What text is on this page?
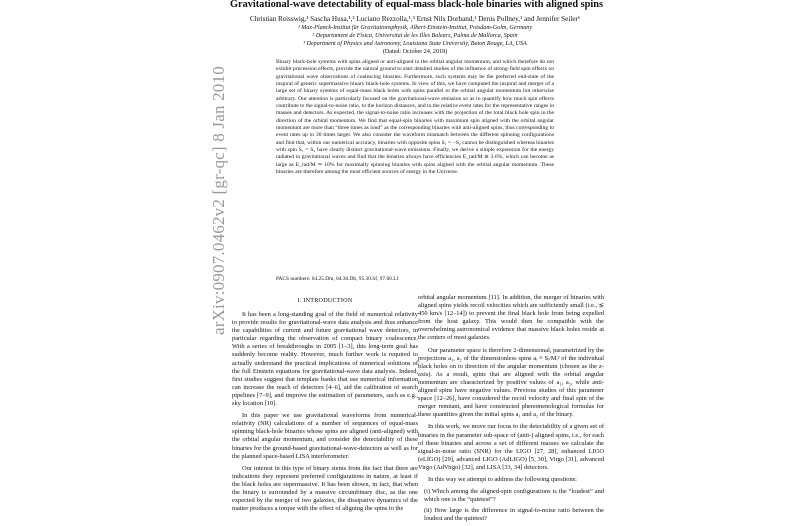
arXiv:0907.0462v2 [gr-qc] 8 Jan 2010
Gravitational-wave detectability of equal-mass black-hole binaries with aligned spins
Christian Reisswig,¹ Sascha Husa,¹,² Luciano Rezzolla,¹,³ Ernst Nils Dorband,¹ Denis Pollney,¹ and Jennifer Seiler¹
¹ Max-Planck-Institut für Gravitationsphysik, Albert-Einstein-Institut, Potsdam-Golm, Germany
² Departament de Física, Universitat de les Illes Balears, Palma de Mallorca, Spain
³ Department of Physics and Astronomy, Louisiana State University, Baton Rouge, LA, USA
(Dated: October 24, 2018)
Binary black-hole systems with spins aligned or anti-aligned to the orbital angular momentum, and which therefore do not exhibit precession effects, provide the natural ground to start detailed studies of the influence of strong-field spin effects on gravitational wave observations of coalescing binaries. Furthermore, such systems may be the preferred end-state of the inspiral of generic supermassive binary black-hole systems. In view of this, we have computed the inspiral and merger of a large set of binary systems of equal-mass black holes with spins parallel to the orbital angular momentum but otherwise arbitrary. Our attention is particularly focused on the gravitational-wave emission so as to quantify how much spin effects contribute to the signal-to-noise ratio, to the horizon distances, and to the relative event rates for the representative ranges in masses and detectors. As expected, the signal-to-noise ratio increases with the projection of the total black hole spin in the direction of the orbital momentum. We find that equal-spin binaries with maximum spin aligned with the orbital angular momentum are more than “three times as loud” as the corresponding binaries with anti-aligned spins, thus corresponding to event rates up to 30 times larger. We also consider the waveform mismatch between the different spinning configurations and find that, within our numerical accuracy, binaries with opposite spins S₁ = −S₂ cannot be distinguished whereas binaries with spin S₁ = S₂ have clearly distinct gravitational-wave emissions. Finally, we derive a simple expression for the energy radiated in gravitational waves and find that the binaries always have efficiencies E_rad/M ≳ 3.6%, which can become as large as E_rad/M ≃ 10% for maximally spinning binaries with spins aligned with the orbital angular momentum. These binaries are therefore among the most efficient sources of energy in the Universe.
PACS numbers: 04.25.Dm, 04.30.Db, 95.30.Sf, 97.60.Lf
I. INTRODUCTION

It has been a long-standing goal of the field of numerical relativity to provide results for gravitational-wave data analysis and thus enhance the capabilities of current and future gravitational wave detectors, in particular regarding the observation of compact binary coalescence. With a series of breakthroughs in 2005 [1–3], this long-term goal has suddenly become reality. However, much further work is required to actually understand the practical implications of numerical solutions of the full Einstein equations for gravitational-wave data analysis. Indeed, first studies suggest that template banks that use numerical information can increase the reach of detectors [4–6], aid the calibration of search pipelines [7–9], and improve the estimation of parameters, such as e.g., sky location [10].

In this paper we use gravitational waveforms from numerical-relativity (NR) calculations of a number of sequences of equal-mass spinning black-hole binaries whose spins are aligned (anti-aligned) with the orbital angular momentum, and consider the detectability of these binaries for the ground-based gravitational-wave-detectors as well as for the planned space-based LISA interferometer.

Our interest in this type of binary stems from the fact that there are indications they represent preferred configurations in nature, at least if the black holes are supermassive. It has been shown, in fact, that when the binary is surrounded by a massive circumbinary disc, as the one expected by the merger of two galaxies, the dissipative dynamics of the matter produces a torque with the effect of aligning the spins to the

orbital angular momentum [11]. In addition, the merger of binaries with aligned spins yields recoil velocities which are sufficiently small (i.e., ≲ 450 km/s [12–14]) to prevent the final black hole from being expelled from the host galaxy. This would then be compatible with the overwhelming astronomical evidence that massive black holes reside at the centers of most galaxies.

Our parameter space is therefore 2-dimensional, parametrized by the projections a₁, a₂ of the dimensionless spins aᵢ ≡ Sᵢ/Mᵢ² of the individual black holes on to direction of the angular momentum (chosen as the z-axis). As a result, spins that are aligned with the orbital angular momentum are characterized by positive values of a₁, a₂, while anti-aligned spins have negative values. Previous studies of this parameter space [12–26], have considered the recoil velocity and final spin of the merger remnant, and have constructed phenomenological formulas for these quantities given the initial spins a₁ and a₂ of the binary.

In this work, we move our focus to the detectability of a given set of binaries in the parameter sub-space of (anti-) aligned spins, i.e., for each of these binaries and across a set of different masses we calculate the signal-to-noise ratio (SNR) for the LIGO [27, 28], enhanced LIGO (eLIGO) [29], advanced LIGO (AdLIGO) [5, 30], Virgo [31], advanced Virgo (AdVirgo) [32], and LISA [33, 34] detectors.

In this way we attempt to address the following questions:

(i) Which among the aligned-spin configurations is the “loudest” and which one is the “quietest”?

(ii) How large is the difference in signal-to-noise ratio between the loudest and the quietest?
